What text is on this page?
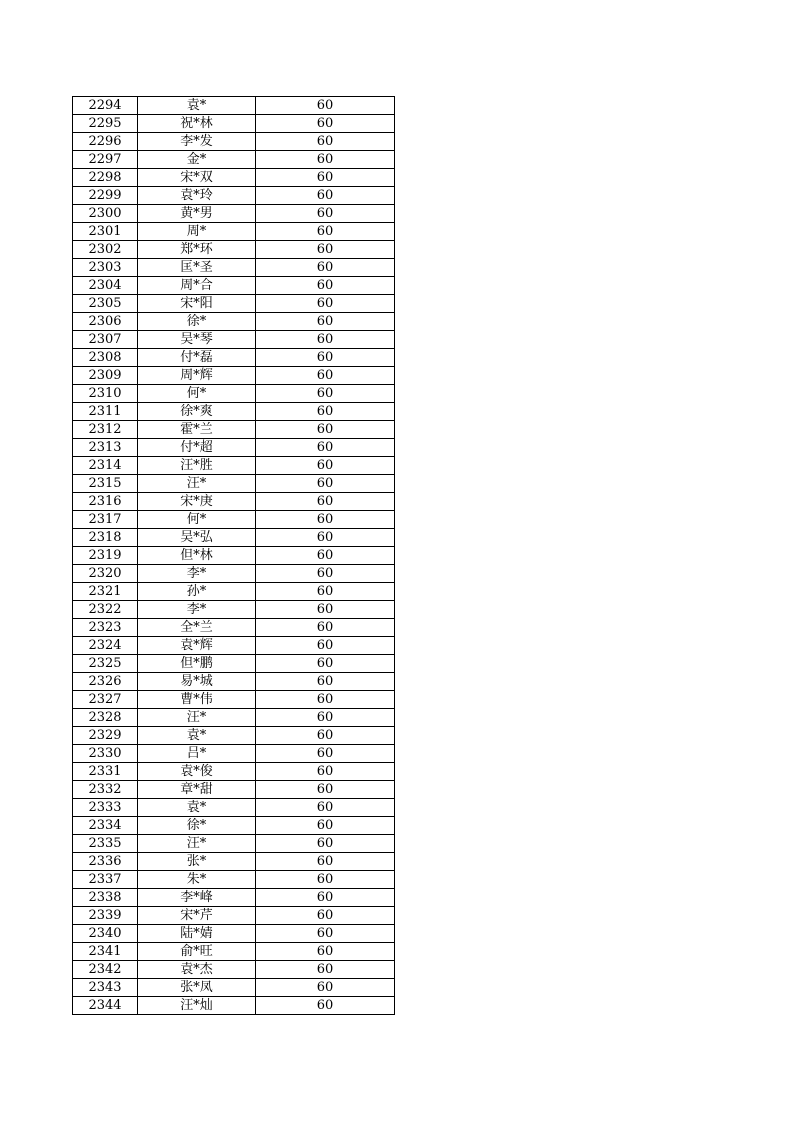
2294	袁*	60
2295	祝*林	60
2296	李*发	60
2297	金*	60
2298	宋*双	60
2299	袁*玲	60
2300	黄*男	60
2301	周*	60
2302	郑*环	60
2303	匡*圣	60
2304	周*合	60
2305	宋*阳	60
2306	徐*	60
2307	吴*琴	60
2308	付*磊	60
2309	周*辉	60
2310	何*	60
2311	徐*爽	60
2312	霍*兰	60
2313	付*超	60
2314	汪*胜	60
2315	汪*	60
2316	宋*庚	60
2317	何*	60
2318	吴*弘	60
2319	但*林	60
2320	李*	60
2321	孙*	60
2322	李*	60
2323	全*兰	60
2324	袁*辉	60
2325	但*鹏	60
2326	易*城	60
2327	曹*伟	60
2328	汪*	60
2329	袁*	60
2330	吕*	60
2331	袁*俊	60
2332	章*甜	60
2333	袁*	60
2334	徐*	60
2335	汪*	60
2336	张*	60
2337	朱*	60
2338	李*峰	60
2339	宋*芹	60
2340	陆*婧	60
2341	俞*旺	60
2342	袁*杰	60
2343	张*凤	60
2344	汪*灿	60
